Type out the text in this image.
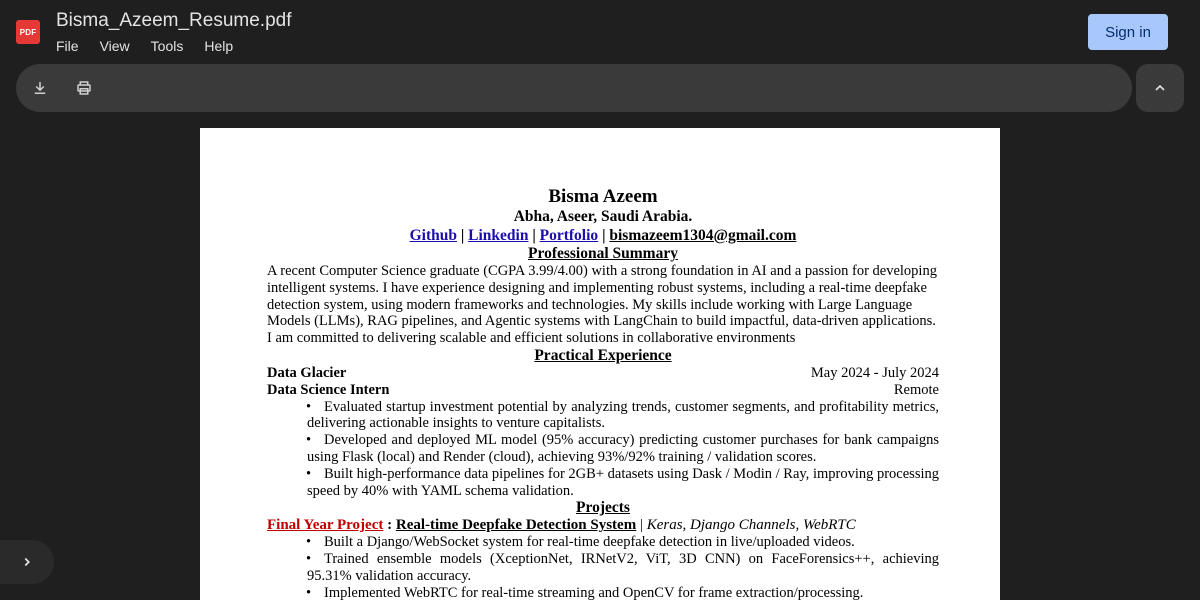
PDF
Bisma_Azeem_Resume.pdf
File View Tools Help
Sign in
Bisma Azeem
Abha, Aseer, Saudi Arabia.
Github | Linkedin | Portfolio | bismazeem1304@gmail.com
Professional Summary
A recent Computer Science graduate (CGPA 3.99/4.00) with a strong foundation in AI and a passion for developing intelligent systems. I have experience designing and implementing robust systems, including a real-time deepfake detection system, using modern frameworks and technologies. My skills include working with Large Language Models (LLMs), RAG pipelines, and Agentic systems with LangChain to build impactful, data-driven applications. I am committed to delivering scalable and efficient solutions in collaborative environments
Practical Experience
Data Glacier	May 2024 - July 2024
Data Science Intern	Remote
• Evaluated startup investment potential by analyzing trends, customer segments, and profitability metrics, delivering actionable insights to venture capitalists.
• Developed and deployed ML model (95% accuracy) predicting customer purchases for bank campaigns using Flask (local) and Render (cloud), achieving 93%/92% training / validation scores.
• Built high-performance data pipelines for 2GB+ datasets using Dask / Modin / Ray, improving processing speed by 40% with YAML schema validation.
Projects
Final Year Project : Real-time Deepfake Detection System | Keras, Django Channels, WebRTC
• Built a Django/WebSocket system for real-time deepfake detection in live/uploaded videos.
• Trained ensemble models (XceptionNet, IRNetV2, ViT, 3D CNN) on FaceForensics++, achieving 95.31% validation accuracy.
• Implemented WebRTC for real-time streaming and OpenCV for frame extraction/processing.
